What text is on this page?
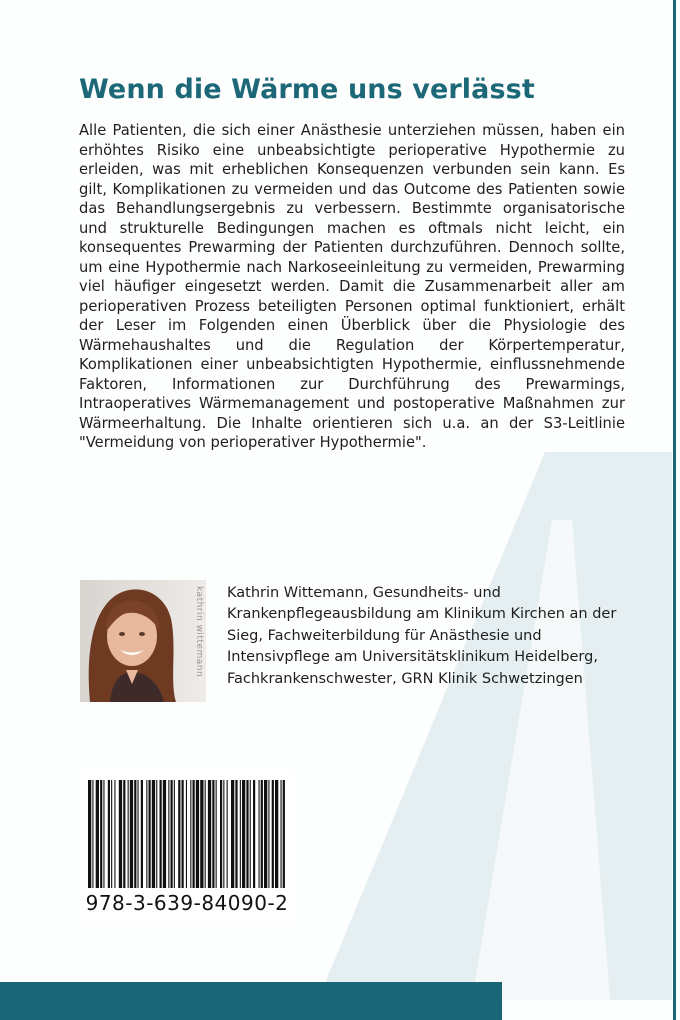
Wenn die Wärme uns verlässt

Alle Patienten, die sich einer Anästhesie unterziehen müssen, haben ein erhöhtes Risiko eine unbeabsichtigte perioperative Hypothermie zu erleiden, was mit erheblichen Konsequenzen verbunden sein kann. Es gilt, Komplikationen zu vermeiden und das Outcome des Patienten sowie das Behandlungsergebnis zu verbessern. Bestimmte organisatorische und strukturelle Bedingungen machen es oftmals nicht leicht, ein konsequentes Prewarming der Patienten durchzuführen. Dennoch sollte, um eine Hypothermie nach Narkoseeinleitung zu vermeiden, Prewarming viel häufiger eingesetzt werden. Damit die Zusammenarbeit aller am perioperativen Prozess beteiligten Personen optimal funktioniert, erhält der Leser im Folgenden einen Überblick über die Physiologie des Wärmehaushaltes und die Regulation der Körpertemperatur, Komplikationen einer unbeabsichtigten Hypothermie, einflussnehmende Faktoren, Informationen zur Durchführung des Prewarmings, Intraoperatives Wärmemanagement und postoperative Maßnahmen zur Wärmeerhaltung. Die Inhalte orientieren sich u.a. an der S3-Leitlinie "Vermeidung von perioperativer Hypothermie".

kathrin wittemann Kathrin Wittemann, Gesundheits- und Krankenpflegeausbildung am Klinikum Kirchen an der Sieg, Fachweiterbildung für Anästhesie und Intensivpflege am Universitätsklinikum Heidelberg, Fachkrankenschwester, GRN Klinik Schwetzingen

978-3-639-84090-2
